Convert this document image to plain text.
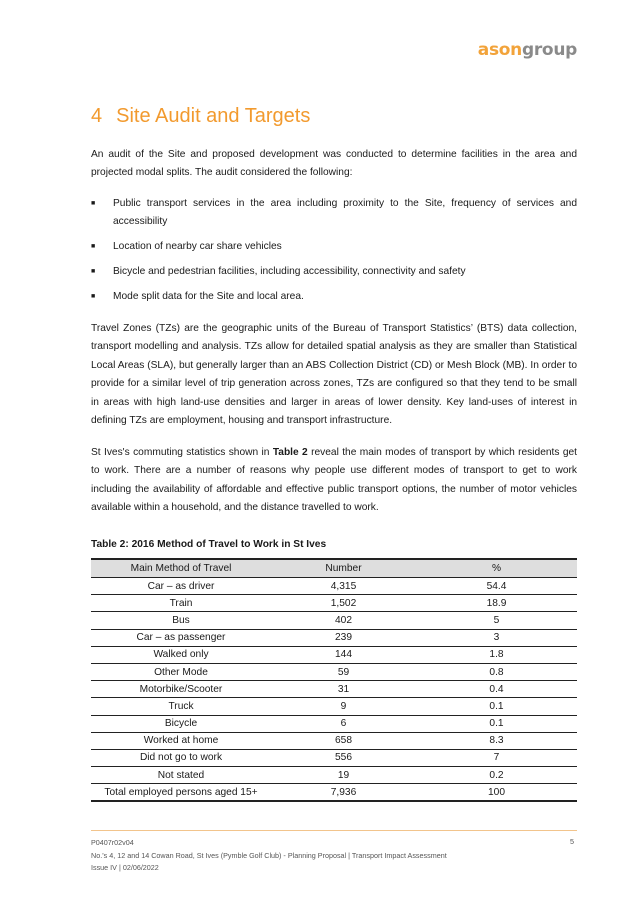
asongroup
4 Site Audit and Targets

An audit of the Site and proposed development was conducted to determine facilities in the area and projected modal splits. The audit considered the following:

■	Public transport services in the area including proximity to the Site, frequency of services and accessibility
■	Location of nearby car share vehicles
■	Bicycle and pedestrian facilities, including accessibility, connectivity and safety
■	Mode split data for the Site and local area.

Travel Zones (TZs) are the geographic units of the Bureau of Transport Statistics’ (BTS) data collection, transport modelling and analysis. TZs allow for detailed spatial analysis as they are smaller than Statistical Local Areas (SLA), but generally larger than an ABS Collection District (CD) or Mesh Block (MB). In order to provide for a similar level of trip generation across zones, TZs are configured so that they tend to be small in areas with high land-use densities and larger in areas of lower density. Key land-uses of interest in defining TZs are employment, housing and transport infrastructure.

St Ives's commuting statistics shown in Table 2 reveal the main modes of transport by which residents get to work. There are a number of reasons why people use different modes of transport to get to work including the availability of affordable and effective public transport options, the number of motor vehicles available within a household, and the distance travelled to work.

Table 2: 2016 Method of Travel to Work in St Ives
Main Method of Travel	Number	%
Car – as driver	4,315	54.4
Train	1,502	18.9
Bus	402	5
Car – as passenger	239	3
Walked only	144	1.8
Other Mode	59	0.8
Motorbike/Scooter	31	0.4
Truck	9	0.1
Bicycle	6	0.1
Worked at home	658	8.3
Did not go to work	556	7
Not stated	19	0.2
Total employed persons aged 15+	7,936	100
P0407r02v04
No.’s 4, 12 and 14 Cowan Road, St Ives (Pymble Golf Club) - Planning Proposal | Transport Impact Assessment
Issue IV | 02/06/2022
5
